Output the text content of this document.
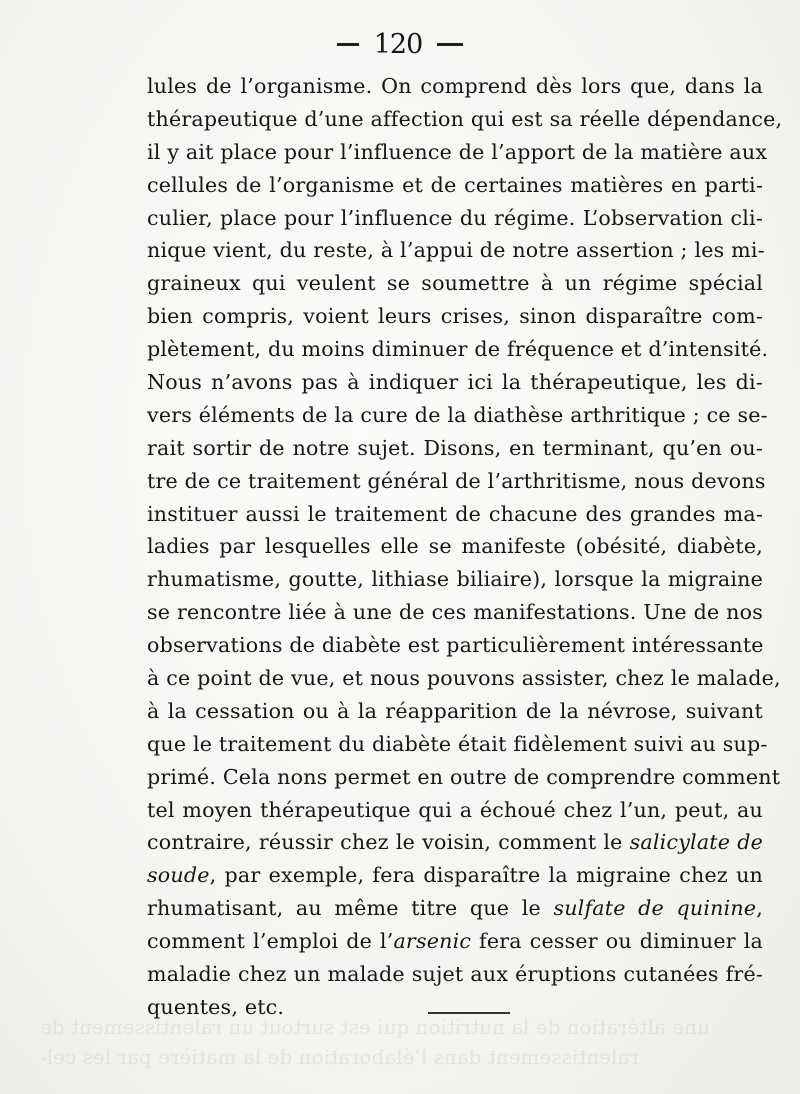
120
lules de l’organisme. On comprend dès lors que, dans la
thérapeutique d’une affection qui est sa réelle dépendance,
il y ait place pour l’influence de l’apport de la matière aux
cellules de l’organisme et de certaines matières en parti-
culier, place pour l’influence du régime. L’observation cli-
nique vient, du reste, à l’appui de notre assertion ; les mi-
graineux qui veulent se soumettre à un régime spécial
bien compris, voient leurs crises, sinon disparaître com-
plètement, du moins diminuer de fréquence et d’intensité.
Nous n’avons pas à indiquer ici la thérapeutique, les di-
vers éléments de la cure de la diathèse arthritique ; ce se-
rait sortir de notre sujet. Disons, en terminant, qu’en ou-
tre de ce traitement général de l’arthritisme, nous devons
instituer aussi le traitement de chacune des grandes ma-
ladies par lesquelles elle se manifeste (obésité, diabète,
rhumatisme, goutte, lithiase biliaire), lorsque la migraine
se rencontre liée à une de ces manifestations. Une de nos
observations de diabète est particulièrement intéressante
à ce point de vue, et nous pouvons assister, chez le malade,
à la cessation ou à la réapparition de la névrose, suivant
que le traitement du diabète était fidèlement suivi au sup-
primé. Cela nons permet en outre de comprendre comment
tel moyen thérapeutique qui a échoué chez l’un, peut, au
contraire, réussir chez le voisin, comment le salicylate de
soude, par exemple, fera disparaître la migraine chez un
rhumatisant, au même titre que le sulfate de quinine,
comment l’emploi de l’arsenic fera cesser ou diminuer la
maladie chez un malade sujet aux éruptions cutanées fré-
quentes, etc.
une altération de la nutrition qui est surtout un ralentissement de
ralentissement dans l’élaboration de la matière par les cel-
